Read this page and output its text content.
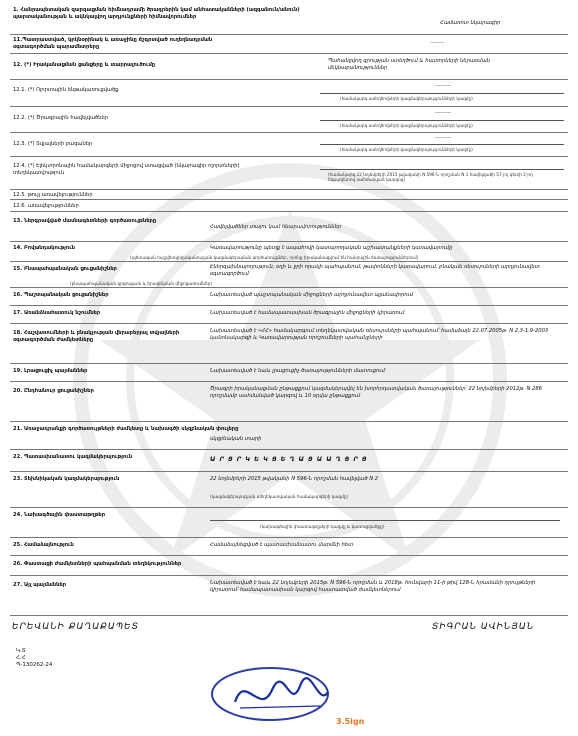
1. Հանրապետական զարգացման հիմնադրամի ծրագրերին կամ անհատականների (ազգանուն/անուն) պարտականության և ակնկալվող արդյունքների հիմնավորումներ
Համառոտ նկարագիր
11.Պատրաստված, կրկնօրինակ և առաջինը ճշգրտված ուղեղնադրման օգտագործման պարամետրերը
--------
12. (*) Իրականացման ցանցերը և տարրալուծումը
Պահանջվող գրության ստեղծում և հատորների ներառման մեկնաբանություններ
12.1. (*) Ոլորտային ենթակառուցվածք
---------
(համակարգ ստեղծողների կազմակերպությունների կազմը)
12.2. (*) Ծրագրային հավելվածներ
---------
(համակարգ ստեղծողների կազմակերպությունների կազմը)
12.3. (*) Տվյալների բազաներ
---------
(համակարգ ստեղծողների կազմակերպությունների կազմը)
12.4. (*) Էլեկտրոնային համակարգերի միջոցով ստացված (նկարագիր ոլորտների) տեղեկատվություն	(համակարգ 22 նոյեմբերի 2015 թվականի N 596-Ն որոշման N 1 հավելվածի 57-րդ կետի 2-րդ ենթակետով սահմանված կարգով)
12.5. թույլ առավելություններ
12.6. առավելություններ
13. Ներգրավված մասնագետների գործառույթները
Հավելվածներ տալու կամ հնարավորություններ
14. Բովանդակություն	Կառավարությունը պետք է ապահովի կատարողական աշխատանքների կառավարումը
(պետական հաշվետվողականության կազմակերպման գործառույթներ, որոնք իրականացվում են հանրային ծառայություններում)
15. Բնապահպանական ցուցանիշներ	Էներգախնայողություն, օդի և ջրի որակի պահպանում, թափոնների կառավարում, բնական ռեսուրսների արդյունավետ օգտագործում
(բնապահպանական կրթության և իրազեկման միջոցառումներ)
16. Պաշտպանական ցուցանիշներ	Նախատեսված պաշտպանական միջոցների արդյունավետ պլանավորում
17. Առանձնահատուկ նշումներ	Նախատեսված է համապատասխան ծրագրային միջոցների կիրառում
18. Հաշվառումների և բնակչության վերաբերյալ տվյալների օգտագործման ժամկետները
Նախատեսված է «ՀՀ» համակարգում տեղեկատվական ռեսուրսների պահպանում՝ համաձայն 22.07.2005թ. N 2.3-1.9-2003 կանոնակարգի և Կառավարության որոշումների պահանջների
19. Լրացուցիչ պայմաններ	Նախատեսված է նաև լրացուցիչ ծառայությունների մատուցում
20. Ընդհանուր ցուցանիշներ	Ծրագրի իրականացման ընթացքում կազմակերպվել են խորհրդատվական ծառայություններ՝ 22 նոյեմբերի 2012թ. N 286 որոշմամբ սահմանված կարգով և 10 օրվա ընթացքում
21. Առաջադրանքի գործառույթների ժամկետը և նախագծի սկզբնական փուլերը
սկզբնական տարի
22. Պատասխանատու կազմակերպություն	Ա Ր Ց Ր Կ Ե Կ Ց Ե Ղ Ա Ց Ա Ա Ղ Ց Ր Ց
23. Տեխնիկական կազմակերպություն	22 նոյեմբերի 2015 թվականի N 596-Ն որոշման հավելված N 2
(կազմակերպության տեղեկատվական համակարգերի կազմը)
24. Նախագծային փաստաթղթեր
(նախագծային փաստաթղթերի կազմը և կառուցվածքը)
25. Համաձայնություն	Համաձայնեցված է պատասխանատու մարմնի հետ
26. Փաստացի ժամկետների պահպանման տեղեկություններ
27. Այլ պայմաններ	Նախատեսված է նաև 22 նոյեմբերի 2015թ. N 596-Ն որոշման և 2018թ. հունվարի 11-ի թիվ 128-Ն հրամանի դրույթների կիրառում՝ համապատասխան կարգով հաստատված ժամկետներում
ԵՐԵՎԱՆԻ ՔԱՂԱՔԱՊԵՏ	ՏԻԳՐԱՆ ԱՎԻՆՅԱՆ
Կ.Տ
Հ.Հ
Պ-130262-24
3.5ign
